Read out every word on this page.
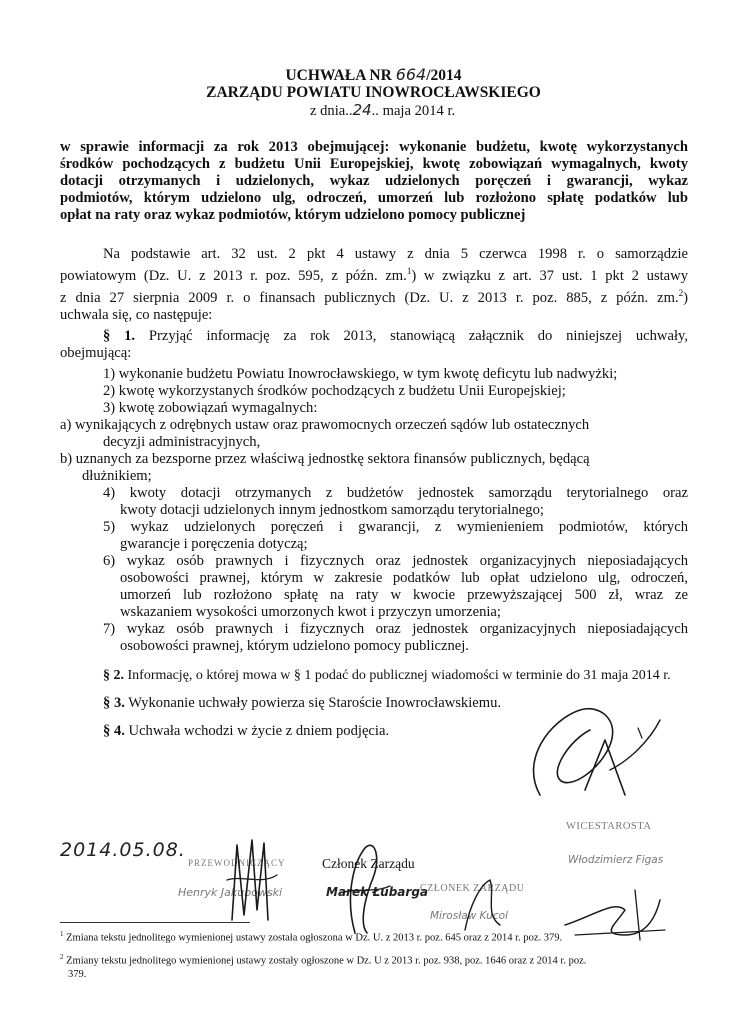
UCHWAŁA NR 664/2014
ZARZĄDU POWIATU INOWROCŁAWSKIEGO
z dnia..24.. maja 2014 r.
w sprawie informacji za rok 2013 obejmującej: wykonanie budżetu, kwotę wykorzystanych
środków pochodzących z budżetu Unii Europejskiej, kwotę zobowiązań wymagalnych, kwoty
dotacji otrzymanych i udzielonych, wykaz udzielonych poręczeń i gwarancji, wykaz
podmiotów, którym udzielono ulg, odroczeń, umorzeń lub rozłożono spłatę podatków lub
opłat na raty oraz wykaz podmiotów, którym udzielono pomocy publicznej
Na podstawie art. 32 ust. 2 pkt 4 ustawy z dnia 5 czerwca 1998 r. o samorządzie
powiatowym (Dz. U. z 2013 r. poz. 595, z późn. zm.$^1$) w związku z art. 37 ust. 1 pkt 2 ustawy
z dnia 27 sierpnia 2009 r. o finansach publicznych (Dz. U. z 2013 r. poz. 885, z późn. zm.$^2$)
uchwala się, co następuje:
§ 1. Przyjąć informację za rok 2013, stanowiącą załącznik do niniejszej uchwały,
obejmującą:
1) wykonanie budżetu Powiatu Inowrocławskiego, w tym kwotę deficytu lub nadwyżki;
2) kwotę wykorzystanych środków pochodzących z budżetu Unii Europejskiej;
3) kwotę zobowiązań wymagalnych:
a) wynikających z odrębnych ustaw oraz prawomocnych orzeczeń sądów lub ostatecznych
decyzji administracyjnych,
b) uznanych za bezsporne przez właściwą jednostkę sektora finansów publicznych, będącą
dłużnikiem;
4) kwoty dotacji otrzymanych z budżetów jednostek samorządu terytorialnego oraz
kwoty dotacji udzielonych innym jednostkom samorządu terytorialnego;
5) wykaz udzielonych poręczeń i gwarancji, z wymienieniem podmiotów, których
gwarancje i poręczenia dotyczą;
6) wykaz osób prawnych i fizycznych oraz jednostek organizacyjnych nieposiadających
osobowości prawnej, którym w zakresie podatków lub opłat udzielono ulg, odroczeń,
umorzeń lub rozłożono spłatę na raty w kwocie przewyższającej 500 zł, wraz ze
wskazaniem wysokości umorzonych kwot i przyczyn umorzenia;
7) wykaz osób prawnych i fizycznych oraz jednostek organizacyjnych nieposiadających
osobowości prawnej, którym udzielono pomocy publicznej.
§ 2. Informację, o której mowa w § 1 podać do publicznej wiadomości w terminie do 31 maja 2014 r.
§ 3. Wykonanie uchwały powierza się Staroście Inowrocławskiemu.
§ 4. Uchwała wchodzi w życie z dniem podjęcia.
2014.05.08.
PRZEWODNICZĄCY
Henryk Jakubowski
Członek Zarządu
Marek Łubarga
CZŁONEK ZARZĄDU
Mirosław Kucol
WICESTAROSTA
Włodzimierz Figas
$^1$ Zmiana tekstu jednolitego wymienionej ustawy została ogłoszona w Dz. U. z 2013 r. poz. 645 oraz z 2014 r. poz. 379.
$^2$ Zmiany tekstu jednolitego wymienionej ustawy zostały ogłoszone w Dz. U z 2013 r. poz. 938, poz. 1646 oraz z 2014 r. poz.
379.
